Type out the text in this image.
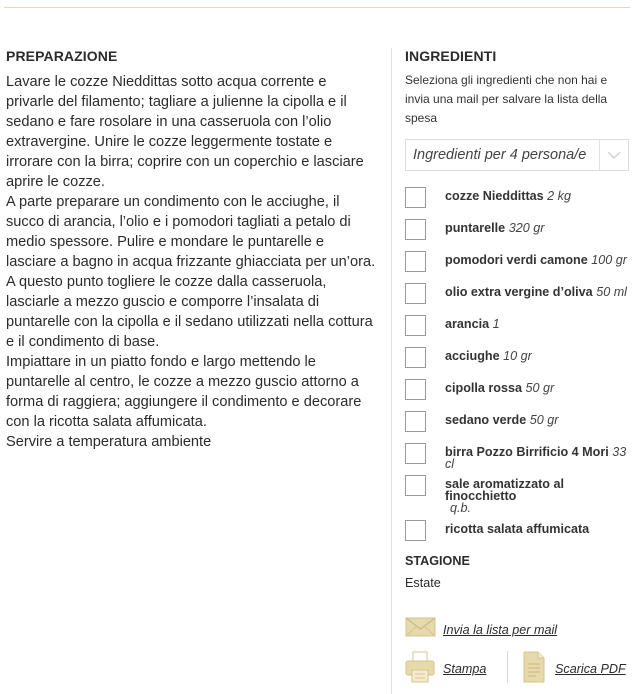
PREPARAZIONE
Lavare le cozze Nieddittas sotto acqua corrente e privarle del filamento; tagliare a julienne la cipolla e il sedano e fare rosolare in una casseruola con l’olio extravergine. Unire le cozze leggermente tostate e irrorare con la birra; coprire con un coperchio e lasciare aprire le cozze.
A parte preparare un condimento con le acciughe, il succo di arancia, l’olio e i pomodori tagliati a petalo di medio spessore. Pulire e mondare le puntarelle e lasciare a bagno in acqua frizzante ghiacciata per un’ora. A questo punto togliere le cozze dalla casseruola, lasciarle a mezzo guscio e comporre l’insalata di puntarelle con la cipolla e il sedano utilizzati nella cottura e il condimento di base.
Impiattare in un piatto fondo e largo mettendo le puntarelle al centro, le cozze a mezzo guscio attorno a forma di raggiera; aggiungere il condimento e decorare con la ricotta salata affumicata.
Servire a temperatura ambiente
INGREDIENTI
Seleziona gli ingredienti che non hai e invia una mail per salvare la lista della spesa
Ingredienti per 4 persona/e
cozze Nieddittas 2 kg
puntarelle 320 gr
pomodori verdi camone 100 gr
olio extra vergine d’oliva 50 ml
arancia 1
acciughe 10 gr
cipolla rossa 50 gr
sedano verde 50 gr
birra Pozzo Birrificio 4 Mori 33 cl
sale aromatizzato al finocchietto
q.b.
ricotta salata affumicata
STAGIONE
Estate
Invia la lista per mail
Stampa	Scarica PDF
